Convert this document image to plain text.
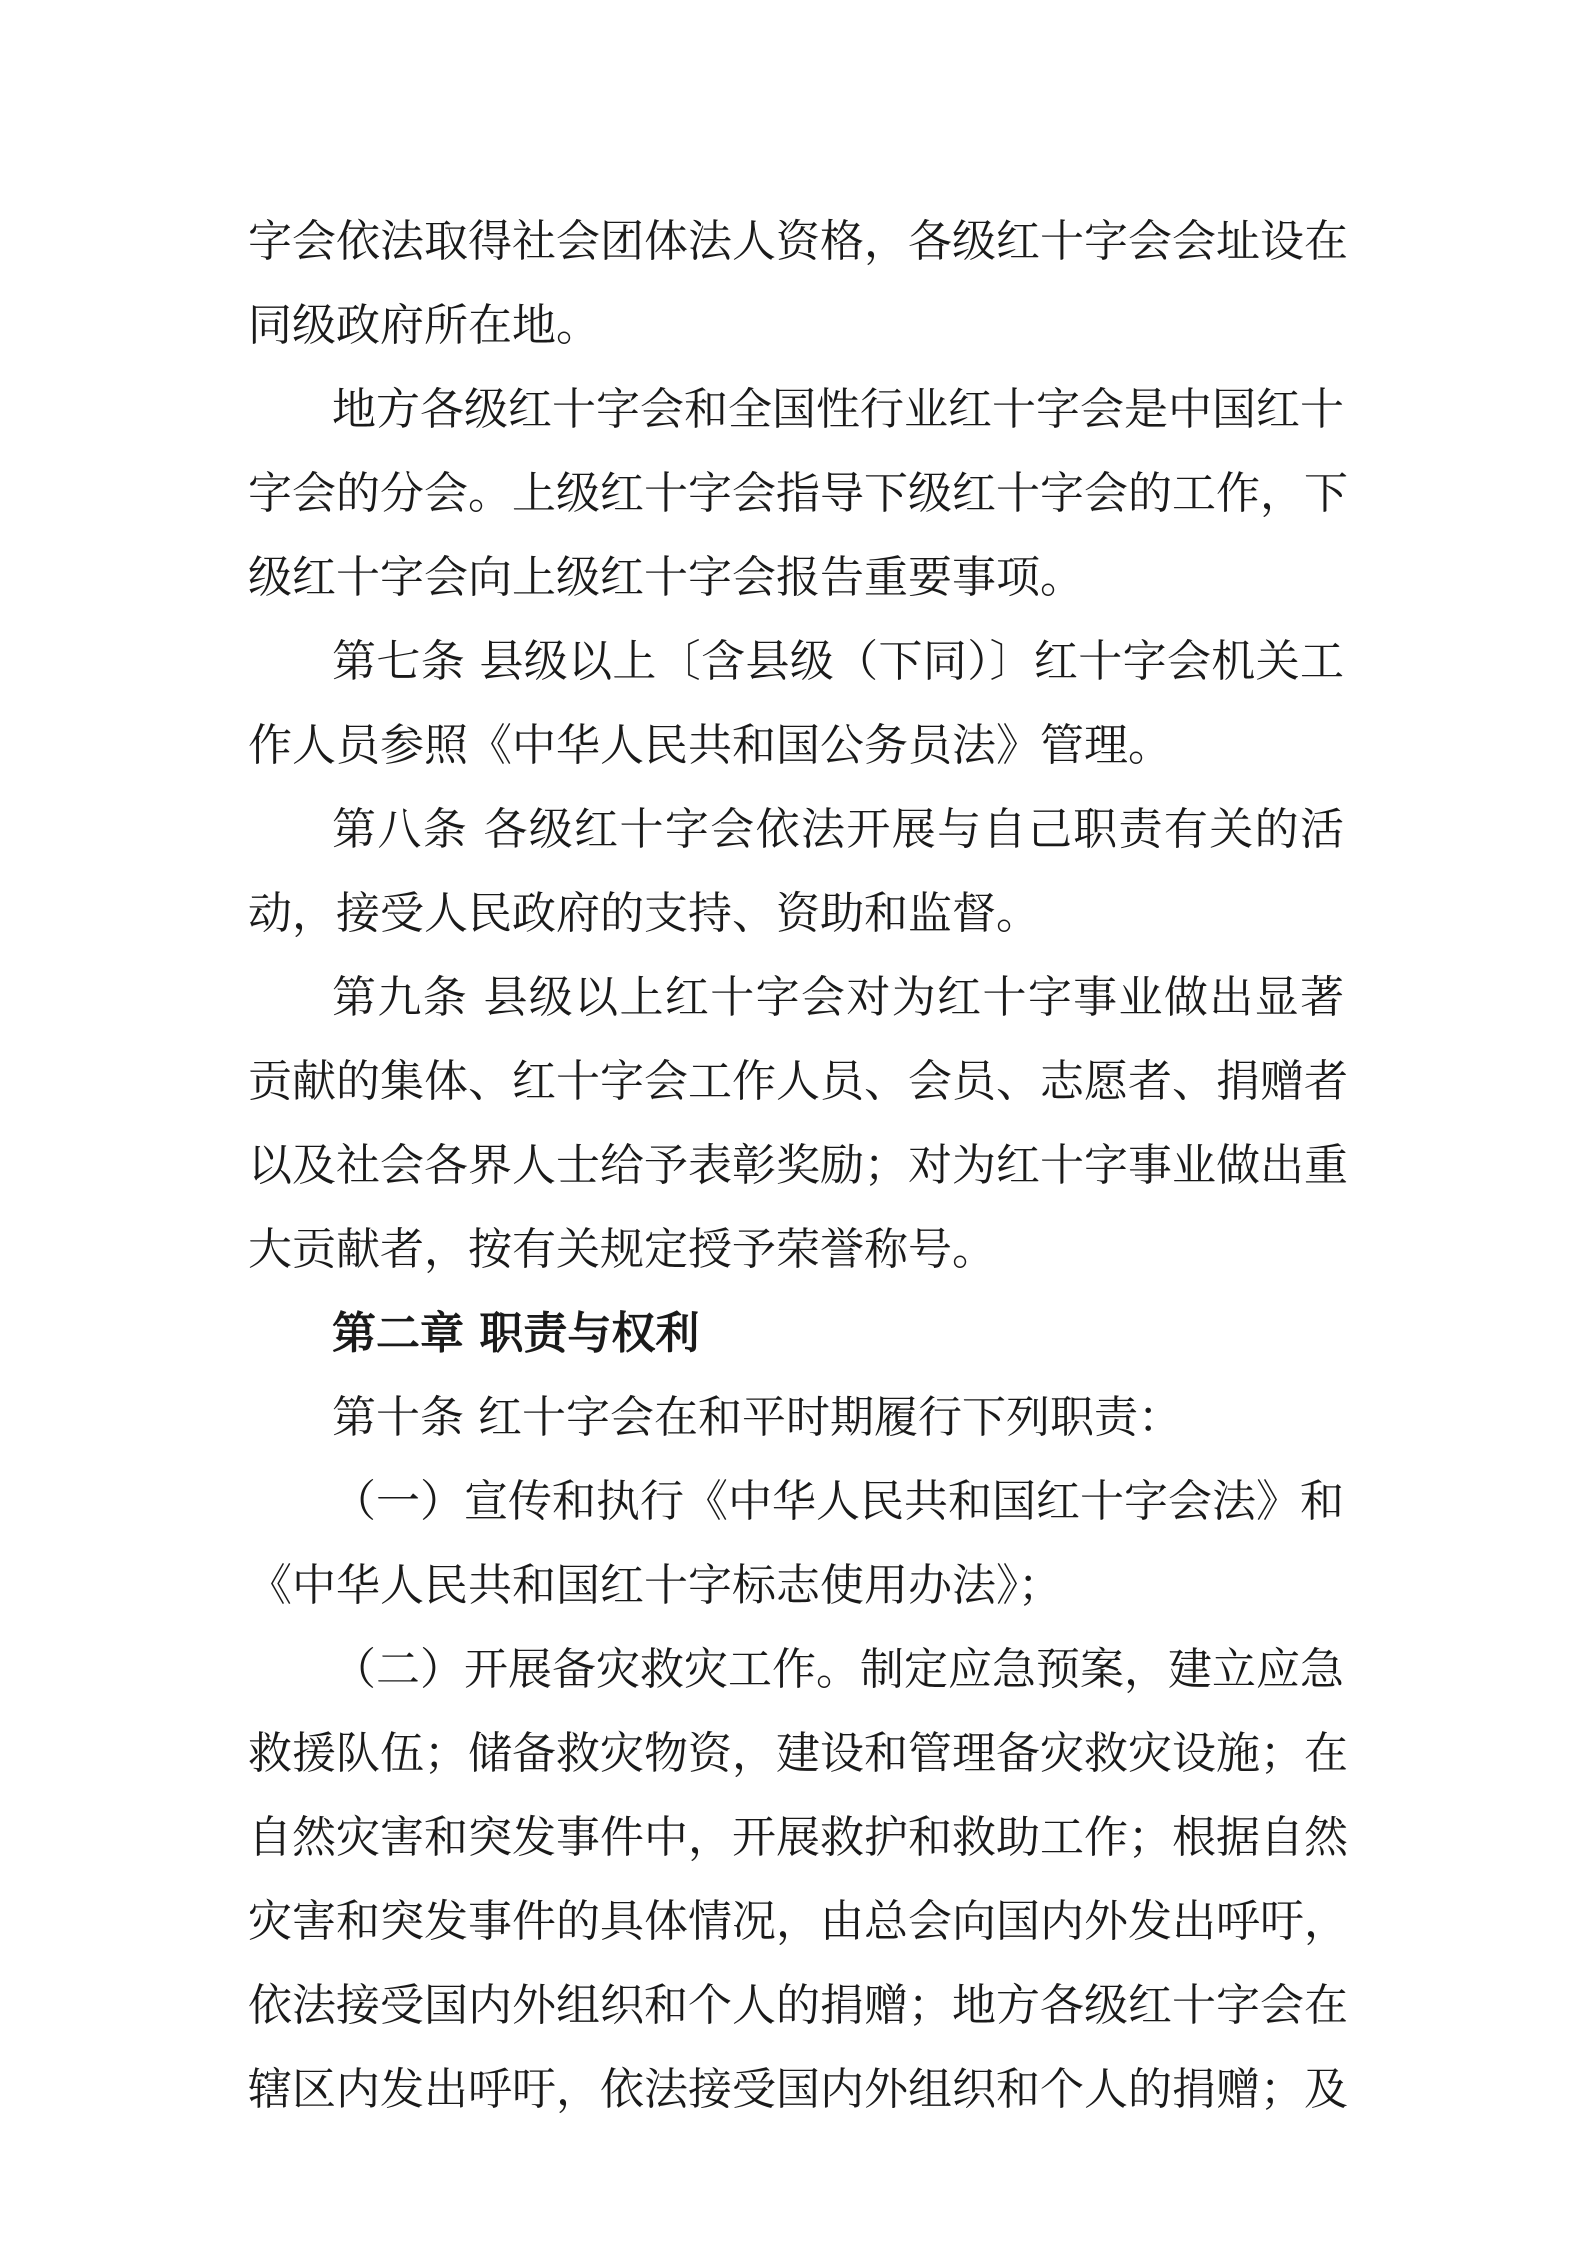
字会依法取得社会团体法人资格，各级红十字会会址设在
同级政府所在地。
地方各级红十字会和全国性行业红十字会是中国红十
字会的分会。上级红十字会指导下级红十字会的工作，下
级红十字会向上级红十字会报告重要事项。
第七条 县级以上〔含县级（下同）〕红十字会机关工
作人员参照《中华人民共和国公务员法》管理。
第八条 各级红十字会依法开展与自己职责有关的活
动，接受人民政府的支持、资助和监督。
第九条 县级以上红十字会对为红十字事业做出显著
贡献的集体、红十字会工作人员、会员、志愿者、捐赠者
以及社会各界人士给予表彰奖励；对为红十字事业做出重
大贡献者，按有关规定授予荣誉称号。
第二章 职责与权利
第十条 红十字会在和平时期履行下列职责：
（一）宣传和执行《中华人民共和国红十字会法》和
《中华人民共和国红十字标志使用办法》；
（二）开展备灾救灾工作。制定应急预案，建立应急
救援队伍；储备救灾物资，建设和管理备灾救灾设施；在
自然灾害和突发事件中，开展救护和救助工作；根据自然
灾害和突发事件的具体情况，由总会向国内外发出呼吁，
依法接受国内外组织和个人的捐赠；地方各级红十字会在
辖区内发出呼吁，依法接受国内外组织和个人的捐赠；及
